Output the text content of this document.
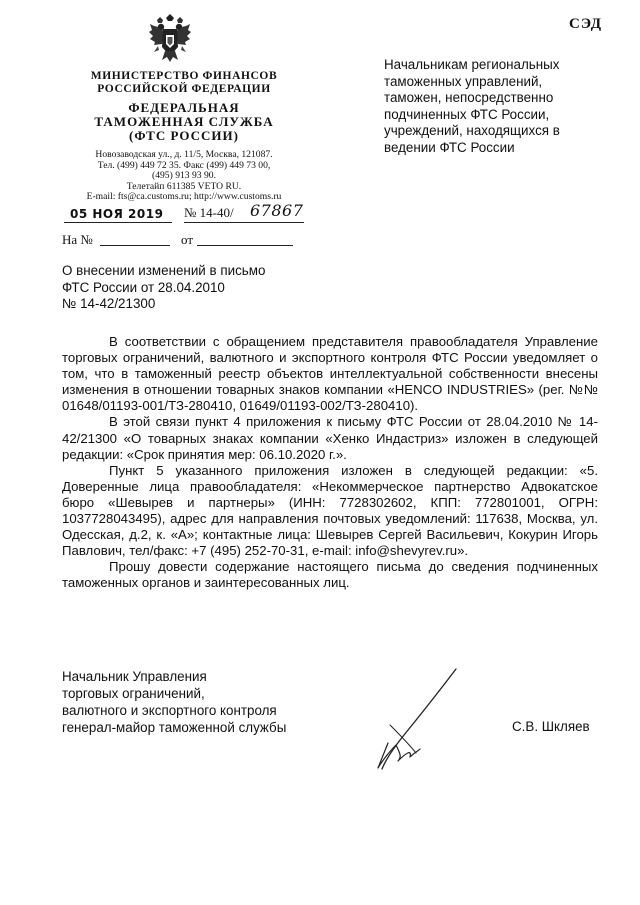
СЭД
МИНИСТЕРСТВО ФИНАНСОВ
РОССИЙСКОЙ ФЕДЕРАЦИИ
ФЕДЕРАЛЬНАЯ
ТАМОЖЕННАЯ СЛУЖБА
(ФТС РОССИИ)
Новозаводская ул., д. 11/5, Москва, 121087.
Тел. (499) 449 72 35. Факс (499) 449 73 00,
(495) 913 93 90.
Телетайп 611385 VETO RU.
E-mail: fts@ca.customs.ru; http://www.customs.ru
05 НОЯ 2019 № 14-40/ 67867
На №	от
Начальникам региональных
таможенных управлений,
таможен, непосредственно
подчиненных ФТС России,
учреждений, находящихся в
ведении ФТС России
О внесении изменений в письмо
ФТС России от 28.04.2010
№ 14-42/21300

В соответствии с обращением представителя правообладателя Управление торговых ограничений, валютного и экспортного контроля ФТС России уведомляет о том, что в таможенный реестр объектов интеллектуальной собственности внесены изменения в отношении товарных знаков компании «HENCO INDUSTRIES» (рег. №№ 01648/01193-001/ТЗ-280410, 01649/01193-002/ТЗ-280410).

В этой связи пункт 4 приложения к письму ФТС России от 28.04.2010 № 14-42/21300 «О товарных знаках компании «Хенко Индастриз» изложен в следующей редакции: «Срок принятия мер: 06.10.2020 г.».

Пункт 5 указанного приложения изложен в следующей редакции: «5. Доверенные лица правообладателя: «Некоммерческое партнерство Адвокатское бюро «Шевырев и партнеры» (ИНН: 7728302602, КПП: 772801001, ОГРН: 1037728043495), адрес для направления почтовых уведомлений: 117638, Москва, ул. Одесская, д.2, к. «А»; контактные лица: Шевырев Сергей Васильевич, Кокурин Игорь Павлович, тел/факс: +7 (495) 252-70-31, e-mail: info@shevyrev.ru».

Прошу довести содержание настоящего письма до сведения подчиненных таможенных органов и заинтересованных лиц.

Начальник Управления
торговых ограничений,
валютного и экспортного контроля
генерал-майор таможенной службы	С.В. Шкляев
